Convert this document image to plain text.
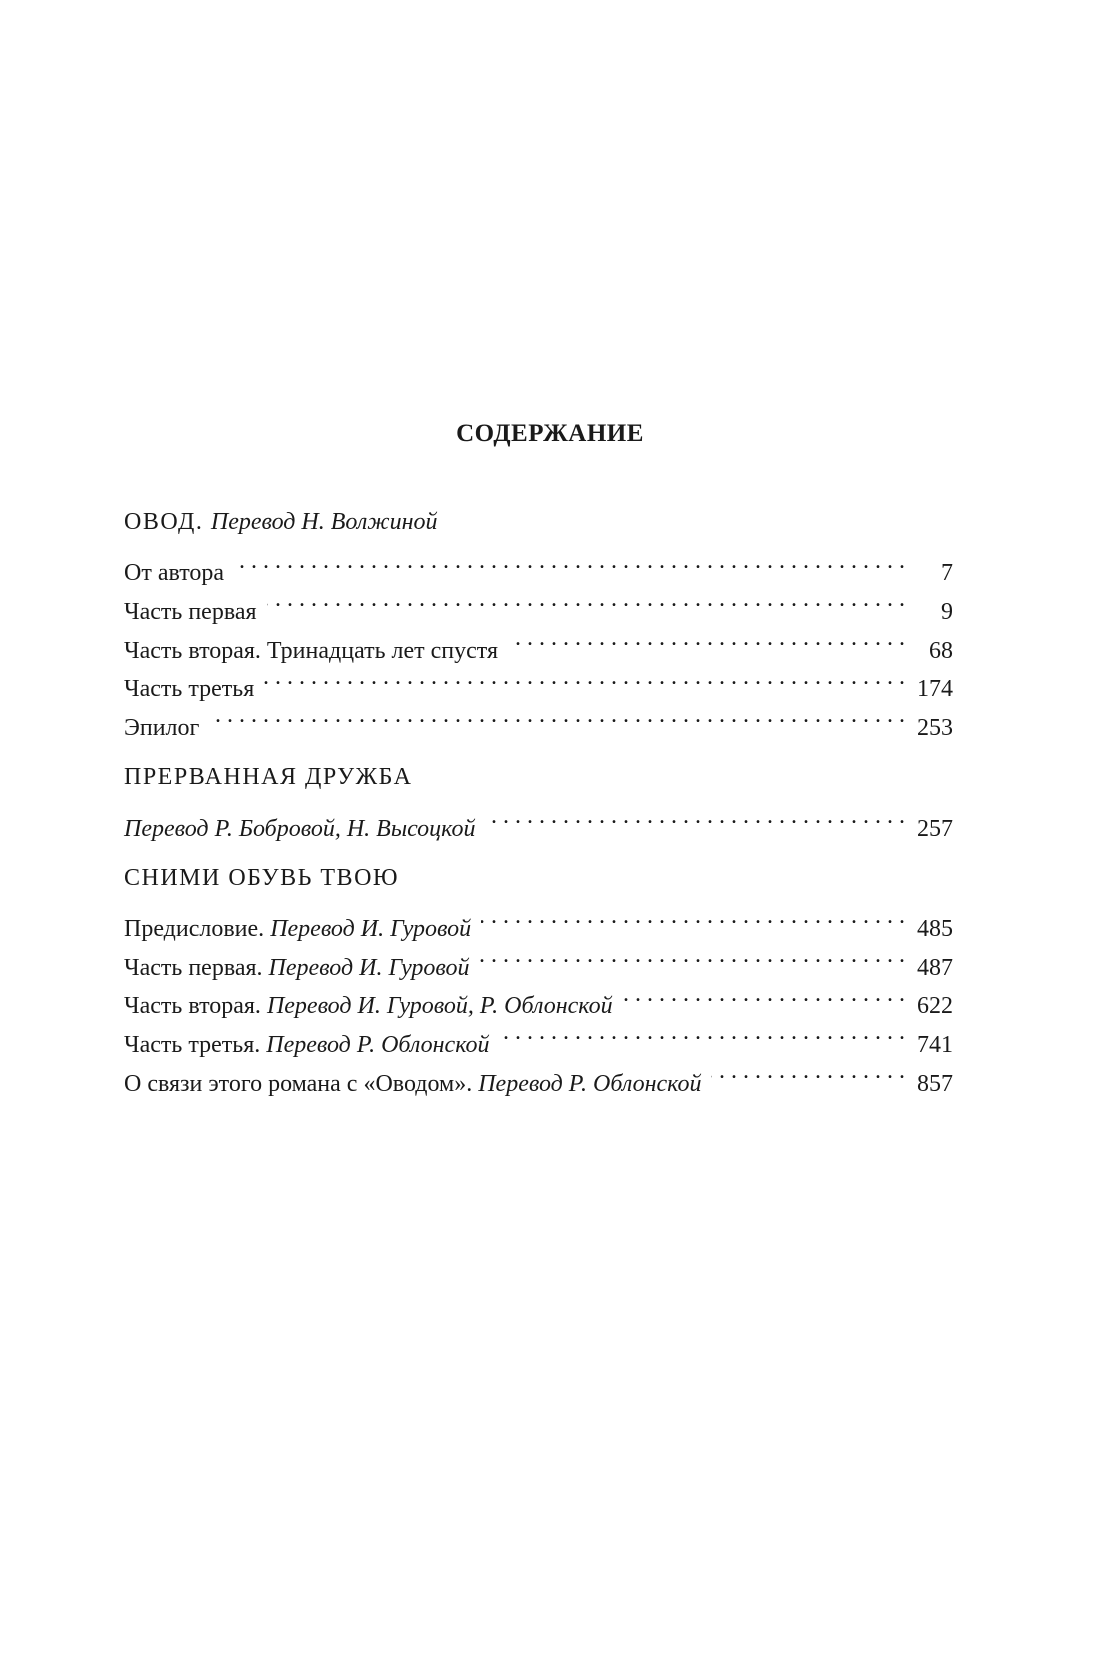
СОДЕРЖАНИЕ
ОВОД.
Перевод Н. Волжиной
От автора . . .	7
Часть первая . . .	9
Часть вторая. Тринадцать лет спустя . . .	68
Часть третья . . .	174
Эпилог . . .	253
ПРЕРВАННАЯ ДРУЖБА
Перевод Р. Бобровой, Н. Высоцкой . . .	257
СНИМИ ОБУВЬ ТВОЮ
Предисловие.
Перевод И. Гуровой . . .	485
Часть первая.
Перевод И. Гуровой . . .	487
Часть вторая.
Перевод И. Гуровой, Р. Облонской . . .	622
Часть третья.
Перевод Р. Облонской . . .	741
О связи этого романа с «Оводом».
Перевод Р. Облонской . . .	857
